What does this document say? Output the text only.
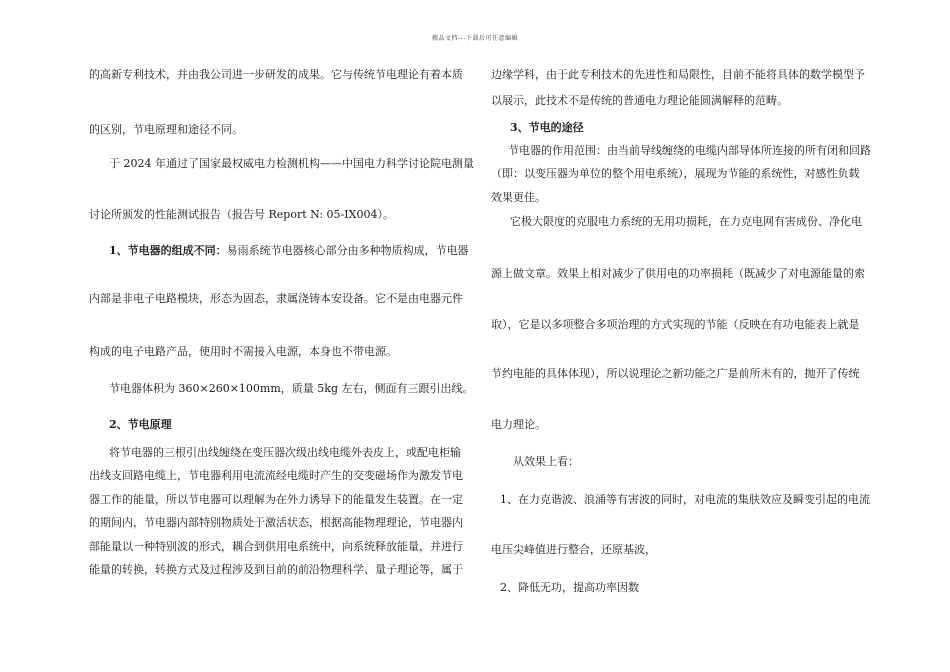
精品文档---下载后可任意编辑

的高新专利技术，并由我公司进一步研发的成果。它与传统节电理论有着本质

的区别，节电原理和途径不同。

于 2024 年通过了国家最权威电力检测机构——中国电力科学讨论院电测量

讨论所颁发的性能测试报告（报告号 Report N: 05-IX004）。

1、节电器的组成不同：易雨系统节电器核心部分由多种物质构成，节电器

内部是非电子电路模块，形态为固态，隶属浇铸本安设备。它不是由电器元件

构成的电子电路产品，使用时不需接入电源，本身也不带电源。

节电器体积为 360×260×100mm，质量 5kg 左右，侧面有三跟引出线。

2、节电原理

将节电器的三根引出线缠绕在变压器次级出线电缆外表皮上，或配电柜输

出线支回路电缆上，节电器利用电流流经电缆时产生的交变磁场作为激发节电

器工作的能量，所以节电器可以理解为在外力诱导下的能量发生装置。在一定

的期间内，节电器内部特别物质处于激活状态，根据高能物理理论，节电器内

部能量以一种特别波的形式，耦合到供用电系统中，向系统释放能量，并进行

能量的转换，转换方式及过程涉及到目前的前沿物理科学、量子理论等，属于

边缘学科，由于此专利技术的先进性和局限性，目前不能将具体的数学模型予

以展示，此技术不是传统的普通电力理论能圆满解释的范畴。

3、节电的途径

节电器的作用范围：由当前导线缠绕的电缆内部导体所连接的所有闭和回路

（即：以变压器为单位的整个用电系统），展现为节能的系统性，对感性负载

效果更佳。

它极大限度的克服电力系统的无用功损耗，在力克电网有害成份、净化电

源上做文章。效果上相对减少了供用电的功率损耗（既减少了对电源能量的索

取），它是以多项整合多项治理的方式实现的节能（反映在有功电能表上就是

节约电能的具体体现），所以说理论之新功能之广是前所未有的，抛开了传统

电力理论。

从效果上看：

1、在力克谐波、浪涌等有害波的同时，对电流的集肤效应及瞬变引起的电流

电压尖峰值进行整合，还原基波，

2、降低无功，提高功率因数
